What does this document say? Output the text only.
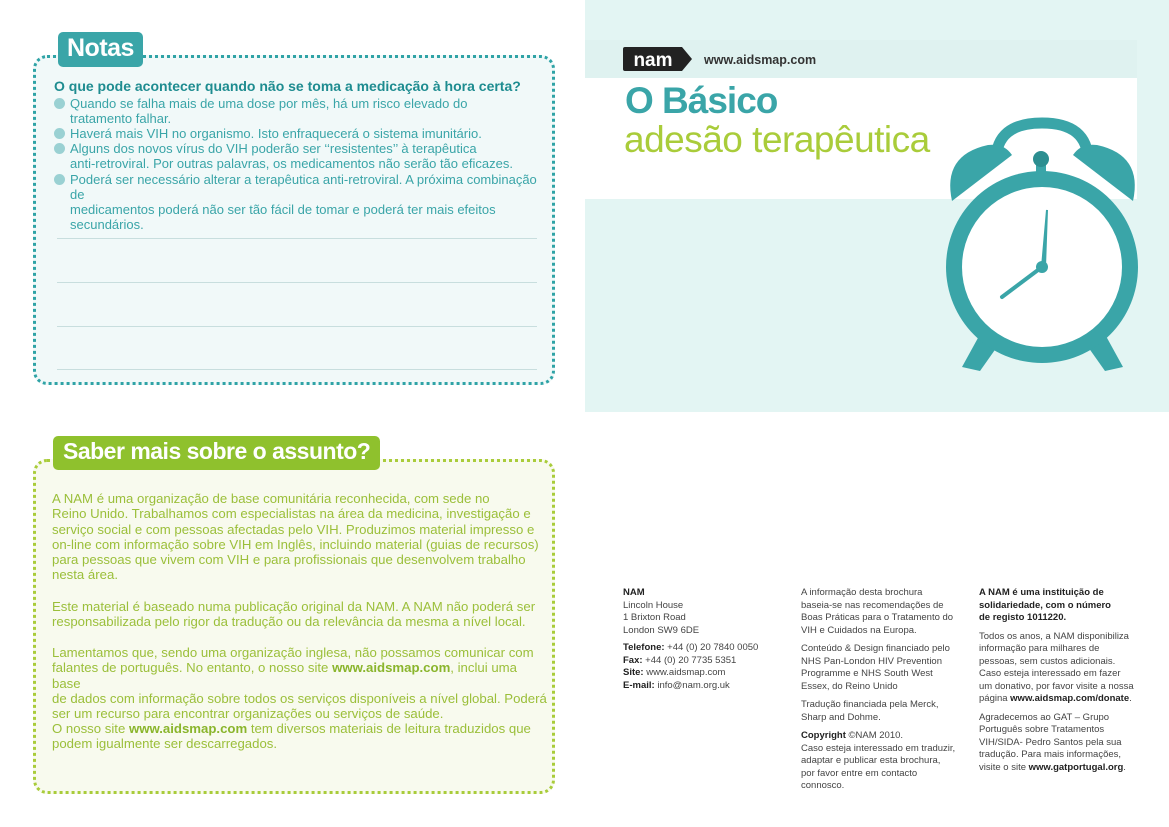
Notas
O que pode acontecer quando não se toma a medicação à hora certa?
Quando se falha mais de uma dose por mês, há um risco elevado do
tratamento falhar.
Haverá mais VIH no organismo. Isto enfraquecerá o sistema imunitário.
Alguns dos novos vírus do VIH poderão ser ‘‘resistentes’’ à terapêutica
anti-retroviral. Por outras palavras, os medicamentos não serão tão eficazes.
Poderá ser necessário alterar a terapêutica anti-retroviral. A próxima combinação de
medicamentos poderá não ser tão fácil de tomar e poderá ter mais efeitos secundários.
Saber mais sobre o assunto?
A NAM é uma organização de base comunitária reconhecida, com sede no
Reino Unido. Trabalhamos com especialistas na área da medicina, investigação e
serviço social e com pessoas afectadas pelo VIH. Produzimos material impresso e
on-line com informação sobre VIH em Inglês, incluindo material (guias de recursos)
para pessoas que vivem com VIH e para profissionais que desenvolvem trabalho
nesta área.
Este material é baseado numa publicação original da NAM. A NAM não poderá ser
responsabilizada pelo rigor da tradução ou da relevância da mesma a nível local.
Lamentamos que, sendo uma organização inglesa, não possamos comunicar com
falantes de português. No entanto, o nosso site www.aidsmap.com, inclui uma base
de dados com informação sobre todos os serviços disponíveis a nível global. Poderá
ser um recurso para encontrar organizações ou serviços de saúde.
O nosso site www.aidsmap.com tem diversos materiais de leitura traduzidos que
podem igualmente ser descarregados.
nam	www.aidsmap.com
O Básico
adesão terapêutica

NAM

Lincoln House

1 Brixton Road

London SW9 6DE

Telefone: +44 (0) 20 7840 0050

Fax: +44 (0) 20 7735 5351

Site: www.aidsmap.com

E-mail: info@nam.org.uk

A informação desta brochura

baseia-se nas recomendações de

Boas Práticas para o Tratamento do

VIH e Cuidados na Europa.

Conteúdo & Design financiado pelo

NHS Pan-London HIV Prevention

Programme e NHS South West

Essex, do Reino Unido

Tradução financiada pela Merck,

Sharp and Dohme.

Copyright ©NAM 2010.

Caso esteja interessado em traduzir,

adaptar e publicar esta brochura,

por favor entre em contacto

connosco.

A NAM é uma instituição de

solidariedade, com o número

de registo 1011220.

Todos os anos, a NAM disponibiliza

informação para milhares de

pessoas, sem custos adicionais.

Caso esteja interessado em fazer

um donativo, por favor visite a nossa

página www.aidsmap.com/donate.

Agradecemos ao GAT – Grupo

Português sobre Tratamentos

VIH/SIDA- Pedro Santos pela sua

tradução. Para mais informações,

visite o site www.gatportugal.org.
